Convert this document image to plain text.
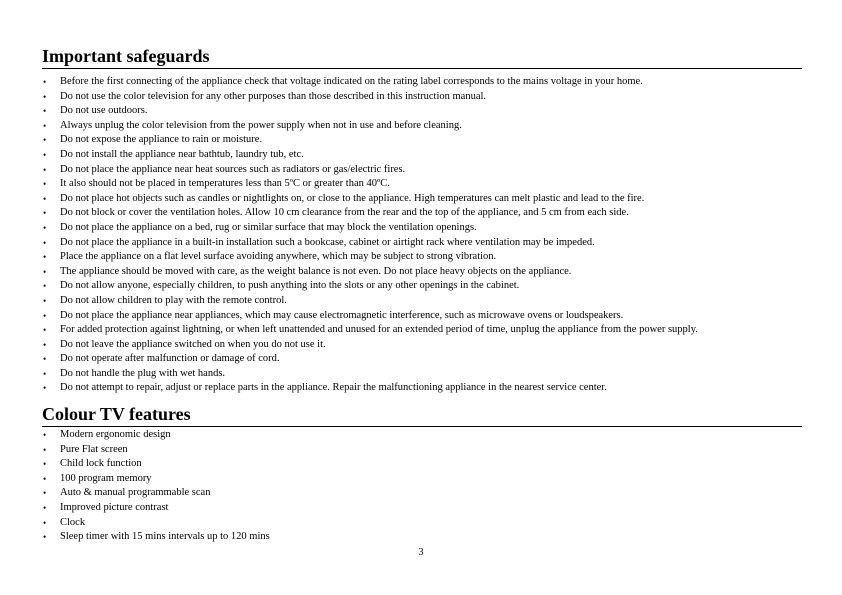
Important safeguards
• Before the first connecting of the appliance check that voltage indicated on the rating label corresponds to the mains voltage in your home.
• Do not use the color television for any other purposes than those described in this instruction manual.
• Do not use outdoors.
• Always unplug the color television from the power supply when not in use and before cleaning.
• Do not expose the appliance to rain or moisture.
• Do not install the appliance near bathtub, laundry tub, etc.
• Do not place the appliance near heat sources such as radiators or gas/electric fires.
• It also should not be placed in temperatures less than 5ºC or greater than 40ºC.
• Do not place hot objects such as candles or nightlights on, or close to the appliance. High temperatures can melt plastic and lead to the fire.
• Do not block or cover the ventilation holes. Allow 10 cm clearance from the rear and the top of the appliance, and 5 cm from each side.
• Do not place the appliance on a bed, rug or similar surface that may block the ventilation openings.
• Do not place the appliance in a built-in installation such a bookcase, cabinet or airtight rack where ventilation may be impeded.
• Place the appliance on a flat level surface avoiding anywhere, which may be subject to strong vibration.
• The appliance should be moved with care, as the weight balance is not even. Do not place heavy objects on the appliance.
• Do not allow anyone, especially children, to push anything into the slots or any other openings in the cabinet.
• Do not allow children to play with the remote control.
• Do not place the appliance near appliances, which may cause electromagnetic interference, such as microwave ovens or loudspeakers.
• For added protection against lightning, or when left unattended and unused for an extended period of time, unplug the appliance from the power supply.
• Do not leave the appliance switched on when you do not use it.
• Do not operate after malfunction or damage of cord.
• Do not handle the plug with wet hands.
• Do not attempt to repair, adjust or replace parts in the appliance. Repair the malfunctioning appliance in the nearest service center.
Colour TV features
• Modern ergonomic design
• Pure Flat screen
• Child lock function
• 100 program memory
• Auto & manual programmable scan
• Improved picture contrast
• Clock
• Sleep timer with 15 mins intervals up to 120 mins
3
